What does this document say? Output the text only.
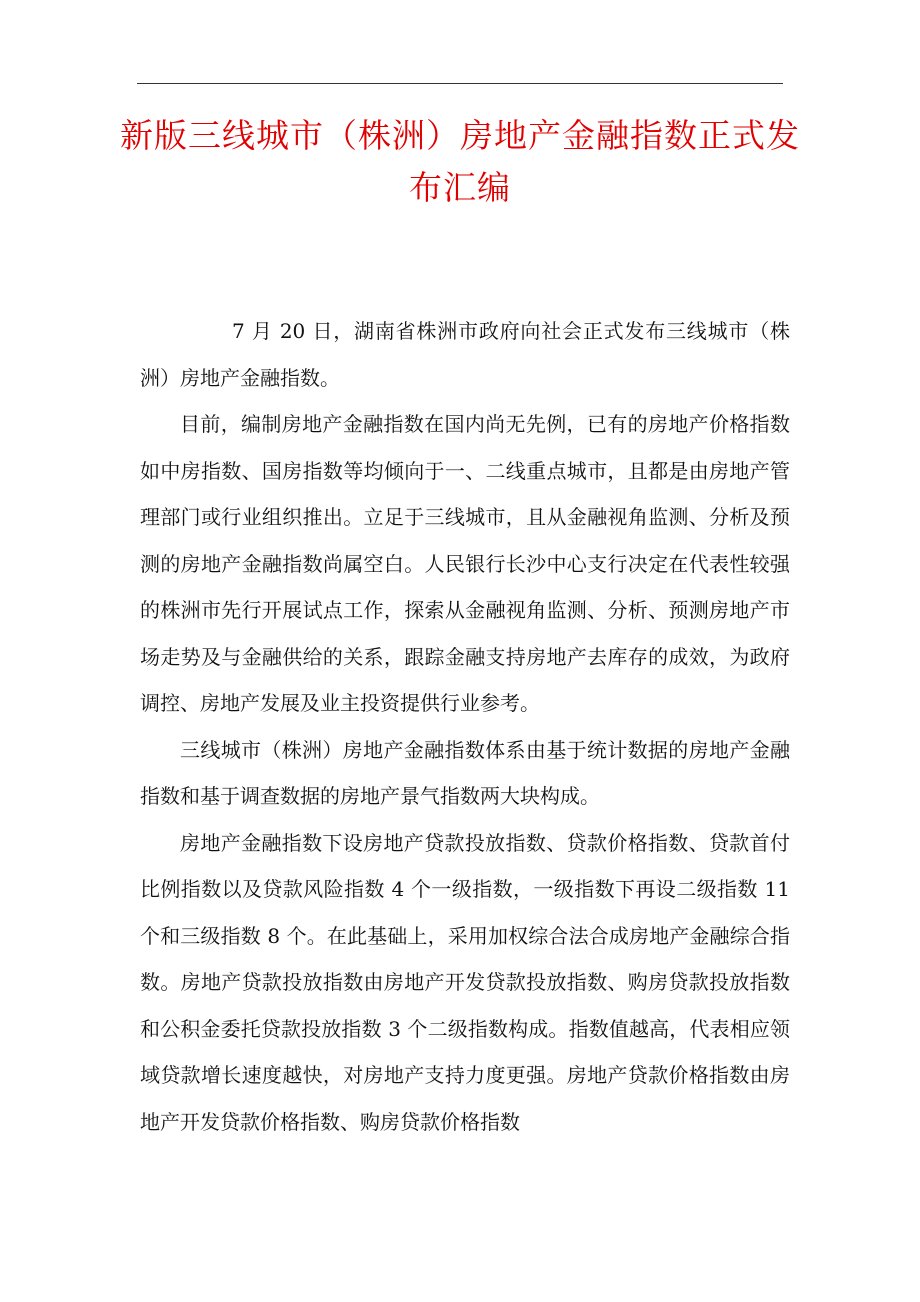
新版三线城市（株洲）房地产金融指数正式发布汇编

7 月 20 日，湖南省株洲市政府向社会正式发布三线城市（株洲）房地产金融指数。

目前，编制房地产金融指数在国内尚无先例，已有的房地产价格指数如中房指数、国房指数等均倾向于一、二线重点城市，且都是由房地产管理部门或行业组织推出。立足于三线城市，且从金融视角监测、分析及预测的房地产金融指数尚属空白。人民银行长沙中心支行决定在代表性较强的株洲市先行开展试点工作，探索从金融视角监测、分析、预测房地产市场走势及与金融供给的关系，跟踪金融支持房地产去库存的成效，为政府调控、房地产发展及业主投资提供行业参考。

三线城市（株洲）房地产金融指数体系由基于统计数据的房地产金融指数和基于调查数据的房地产景气指数两大块构成。

房地产金融指数下设房地产贷款投放指数、贷款价格指数、贷款首付比例指数以及贷款风险指数 4 个一级指数，一级指数下再设二级指数 11 个和三级指数 8 个。在此基础上，采用加权综合法合成房地产金融综合指数。房地产贷款投放指数由房地产开发贷款投放指数、购房贷款投放指数和公积金委托贷款投放指数 3 个二级指数构成。指数值越高，代表相应领域贷款增长速度越快，对房地产支持力度更强。房地产贷款价格指数由房地产开发贷款价格指数、购房贷款价格指数
